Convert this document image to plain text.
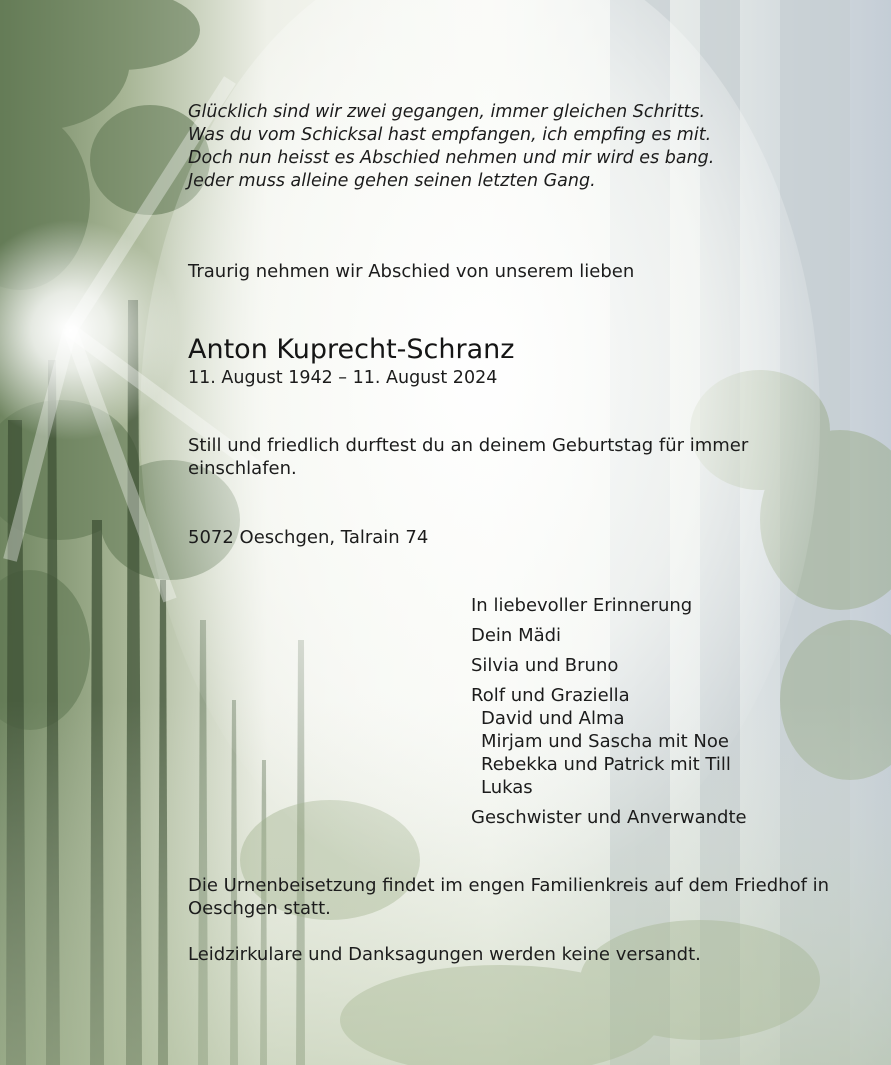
Glücklich sind wir zwei gegangen, immer gleichen Schritts.
Was du vom Schicksal hast empfangen, ich empfing es mit.
Doch nun heisst es Abschied nehmen und mir wird es bang.
Jeder muss alleine gehen seinen letzten Gang.
Traurig nehmen wir Abschied von unserem lieben
Anton Kuprecht-Schranz
11. August 1942 – 11. August 2024
Still und friedlich durftest du an deinem Geburtstag für immer
einschlafen.
5072 Oeschgen, Talrain 74
In liebevoller Erinnerung
Dein Mädi
Silvia und Bruno
Rolf und Graziella
David und Alma
Mirjam und Sascha mit Noe
Rebekka und Patrick mit Till
Lukas
Geschwister und Anverwandte
Die Urnenbeisetzung findet im engen Familienkreis auf dem Friedhof in
Oeschgen statt.
Leidzirkulare und Danksagungen werden keine versandt.
